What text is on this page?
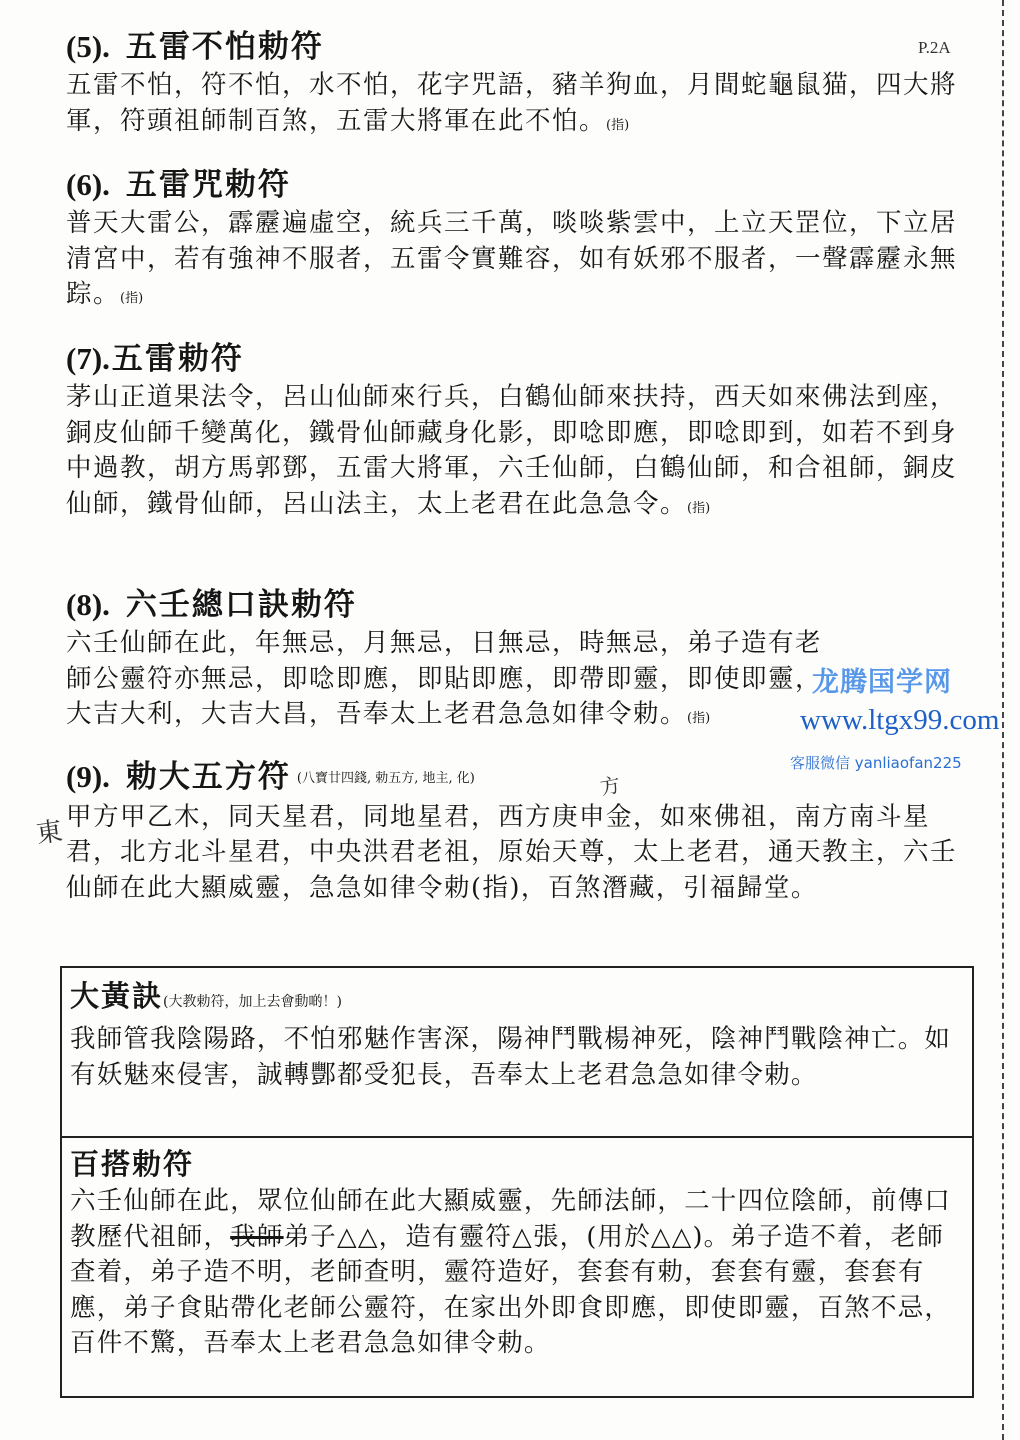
P.2A
(5). 五雷不怕勅符

五雷不怕，符不怕，水不怕，花字咒語，豬羊狗血，月間蛇龜鼠猫，四大將軍，符頭祖師制百煞，五雷大將軍在此不怕。(指)

(6). 五雷咒勅符

普天大雷公，霹靂遍虛空，統兵三千萬，啖啖紫雲中，上立天罡位，下立居清宮中，若有強神不服者，五雷令實難容，如有妖邪不服者，一聲霹靂永無踪。(指)

(7).五雷勅符

茅山正道果法令，呂山仙師來行兵，白鶴仙師來扶持，西天如來佛法到座，銅皮仙師千變萬化，鐵骨仙師藏身化影，即唸即應，即唸即到，如若不到身中過教，胡方馬郭鄧，五雷大將軍，六壬仙師，白鶴仙師，和合祖師，銅皮仙師，鐵骨仙師，呂山法主，太上老君在此急急令。(指)

(8). 六壬總口訣勅符

六壬仙師在此，年無忌，月無忌，日無忌，時無忌，弟子造有老師公靈符亦無忌，即唸即應，即貼即應，即帶即靈，即使即靈，大吉大利，大吉大昌，吾奉太上老君急急如律令勅。(指)

(9). 勅大五方符 (八寶廿四錢, 勅五方, 地主, 化)

甲方甲乙木，同天星君，同地星君，西方庚申金，如來佛祖，南方南斗星君，北方北斗星君，中央洪君老祖，原始天尊，太上老君，通天教主，六壬仙師在此大顯威靈，急急如律令勅(指)，百煞潛藏，引福歸堂。

東
方
大黃訣(大教勅符，加上去會動啲！)

我師管我陰陽路，不怕邪魅作害深，陽神鬥戰楊神死，陰神鬥戰陰神亡。如有妖魅來侵害，誠轉酆都受犯長，吾奉太上老君急急如律令勅。

百搭勅符

六壬仙師在此，眾位仙師在此大顯威靈，先師法師，二十四位陰師，前傳口教歷代祖師，我師弟子△△，造有靈符△張，(用於△△)。弟子造不着，老師查着，弟子造不明，老師查明，靈符造好，套套有勅，套套有靈，套套有應，弟子食貼帶化老師公靈符，在家出外即食即應，即使即靈，百煞不忌，百件不驚，吾奉太上老君急急如律令勅。

龙腾国学网
www.ltgx99.com
客服微信 yanliaofan225
